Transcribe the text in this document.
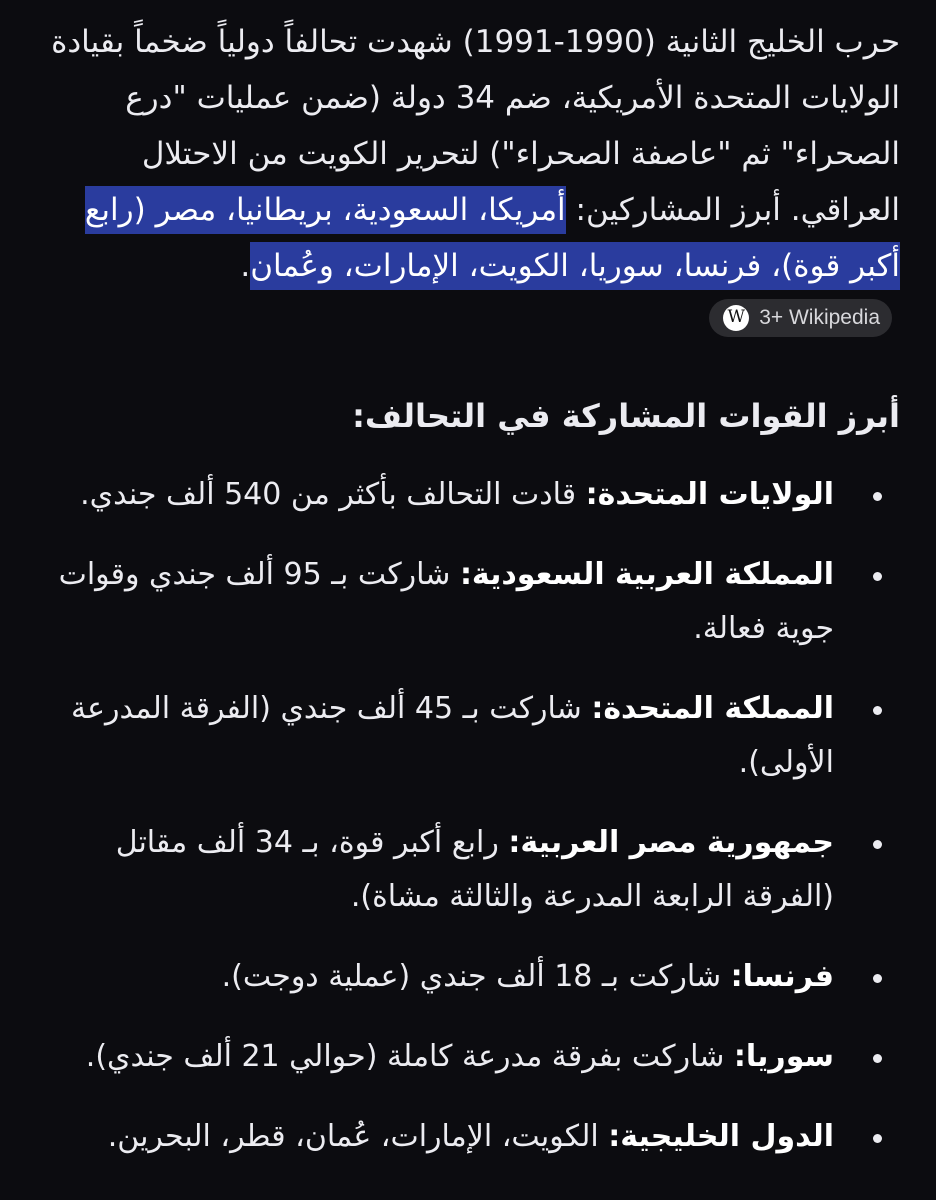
حرب الخليج الثانية (1990-1991) شهدت تحالفاً دولياً ضخماً بقيادة الولايات المتحدة الأمريكية، ضم 34 دولة (ضمن عمليات "درع الصحراء" ثم "عاصفة الصحراء") لتحرير الكويت من الاحتلال العراقي. أبرز المشاركين: أمريكا، السعودية، بريطانيا، مصر (رابع أكبر قوة)، فرنسا، سوريا، الكويت، الإمارات، وعُمان.
W 3+ Wikipedia

أبرز القوات المشاركة في التحالف:
الولايات المتحدة: قادت التحالف بأكثر من 540 ألف جندي.
المملكة العربية السعودية: شاركت بـ 95 ألف جندي وقوات جوية فعالة.
المملكة المتحدة: شاركت بـ 45 ألف جندي (الفرقة المدرعة الأولى).
جمهورية مصر العربية: رابع أكبر قوة، بـ 34 ألف مقاتل (الفرقة الرابعة المدرعة والثالثة مشاة).
فرنسا: شاركت بـ 18 ألف جندي (عملية دوجت).
سوريا: شاركت بفرقة مدرعة كاملة (حوالي 21 ألف جندي).
الدول الخليجية: الكويت، الإمارات، عُمان، قطر، البحرين.
